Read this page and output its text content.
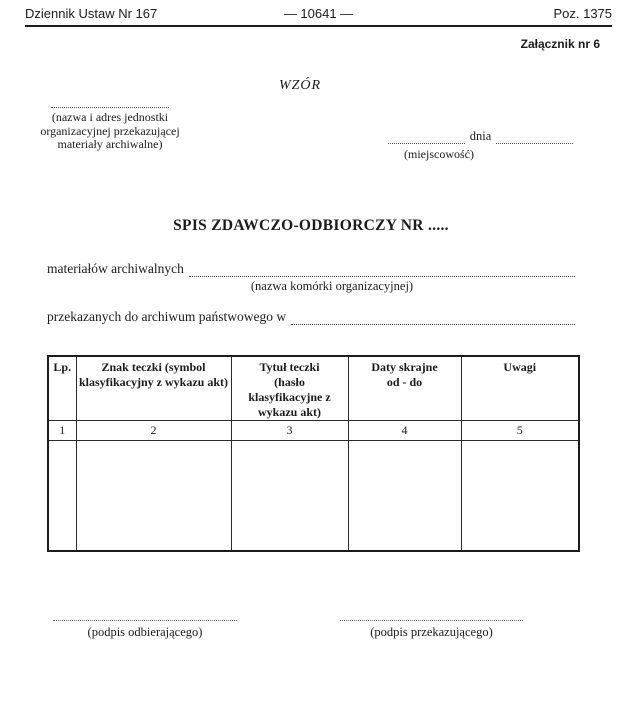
Dziennik Ustaw Nr 167	— 10641 —	Poz. 1375
Załącznik nr 6
WZÓR
(nazwa i adres jednostki
organizacyjnej przekazującej
materiały archiwalne)
dnia
(miejscowość)
SPIS ZDAWCZO-ODBIORCZY NR .....
materiałów archiwalnych
(nazwa komórki organizacyjnej)
przekazanych do archiwum państwowego w
Lp.	Znak teczki (symbol klasyfikacyjny z wykazu akt)	Tytuł teczki (hasło klasyfikacyjne z wykazu akt)	Daty skrajne od - do	Uwagi
1	2	3	4	5

(podpis odbierającego)	(podpis przekazującego)
